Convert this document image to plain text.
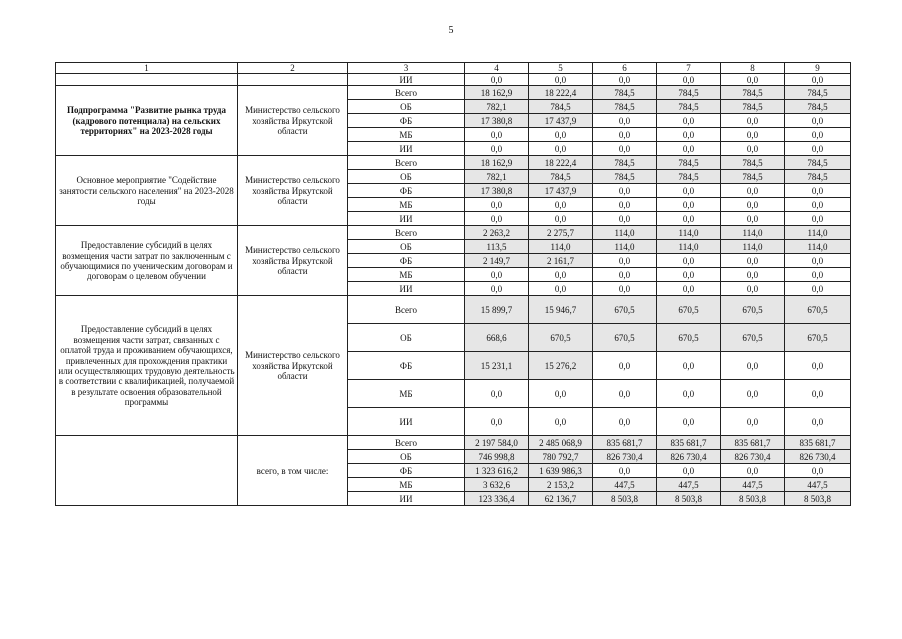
5
1	2	3	4	5	6	7	8	9
		ИИ	0,0	0,0	0,0	0,0	0,0	0,0
Подпрограмма "Развитие рынка труда (кадрового потенциала) на сельских территориях" на 2023-2028 годы	Министерство сельского хозяйства Иркутской области	Всего	18 162,9	18 222,4	784,5	784,5	784,5	784,5
		ОБ	782,1	784,5	784,5	784,5	784,5	784,5
		ФБ	17 380,8	17 437,9	0,0	0,0	0,0	0,0
		МБ	0,0	0,0	0,0	0,0	0,0	0,0
		ИИ	0,0	0,0	0,0	0,0	0,0	0,0
Основное мероприятие "Содействие занятости сельского населения" на 2023-2028 годы	Министерство сельского хозяйства Иркутской области	Всего	18 162,9	18 222,4	784,5	784,5	784,5	784,5
		ОБ	782,1	784,5	784,5	784,5	784,5	784,5
		ФБ	17 380,8	17 437,9	0,0	0,0	0,0	0,0
		МБ	0,0	0,0	0,0	0,0	0,0	0,0
		ИИ	0,0	0,0	0,0	0,0	0,0	0,0
Предоставление субсидий в целях возмещения части затрат по заключенным с обучающимися по ученическим договорам и договорам о целевом обучении	Министерство сельского хозяйства Иркутской области	Всего	2 263,2	2 275,7	114,0	114,0	114,0	114,0
		ОБ	113,5	114,0	114,0	114,0	114,0	114,0
		ФБ	2 149,7	2 161,7	0,0	0,0	0,0	0,0
		МБ	0,0	0,0	0,0	0,0	0,0	0,0
		ИИ	0,0	0,0	0,0	0,0	0,0	0,0
Предоставление субсидий в целях возмещения части затрат, связанных с оплатой труда и проживанием обучающихся, привлеченных для прохождения практики или осуществляющих трудовую деятельность в соответствии с квалификацией, получаемой в результате освоения образовательной программы	Министерство сельского хозяйства Иркутской области	Всего	15 899,7	15 946,7	670,5	670,5	670,5	670,5
		ОБ	668,6	670,5	670,5	670,5	670,5	670,5
		ФБ	15 231,1	15 276,2	0,0	0,0	0,0	0,0
		МБ	0,0	0,0	0,0	0,0	0,0	0,0
		ИИ	0,0	0,0	0,0	0,0	0,0	0,0
	всего, в том числе:	Всего	2 197 584,0	2 485 068,9	835 681,7	835 681,7	835 681,7	835 681,7
		ОБ	746 998,8	780 792,7	826 730,4	826 730,4	826 730,4	826 730,4
		ФБ	1 323 616,2	1 639 986,3	0,0	0,0	0,0	0,0
		МБ	3 632,6	2 153,2	447,5	447,5	447,5	447,5
		ИИ	123 336,4	62 136,7	8 503,8	8 503,8	8 503,8	8 503,8
